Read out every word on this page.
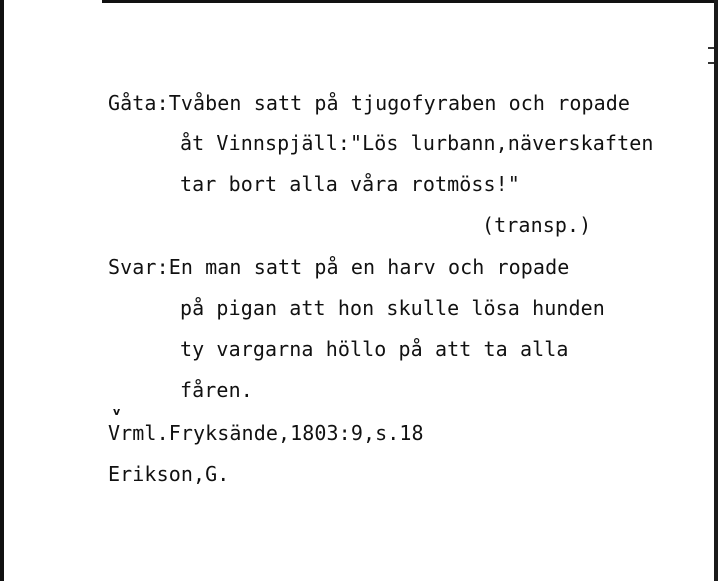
Gåta:Tvåben satt på tjugofyraben och ropade

åt Vinnspjäll:"Lös lurbann,näverskaften

tar bort alla våra rotmöss!"

(transp.)

Svar:En man satt på en harv och ropade

på pigan att hon skulle lösa hunden

ty vargarna höllo på att ta alla

fåren.

v

Vrml.Fryksände,1803:9,s.18

Erikson,G.
